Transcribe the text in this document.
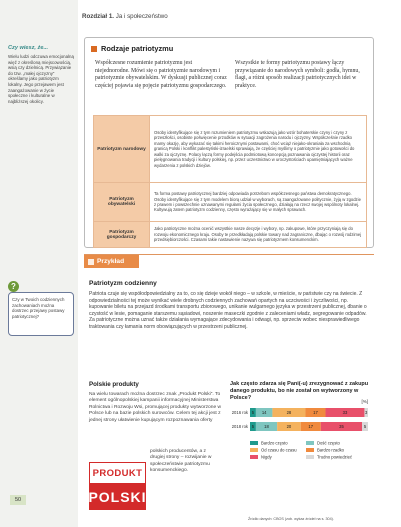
Rozdział 1. Ja i społeczeństwo
Czy wiesz, że...
Wielu ludzi odczuwa emocjonalną więź z określoną miejscowością, wsią czy dzielnicą. Przywiązanie do tzw. „małej ojczyzny” określamy jako patriotyzm lokalny. Jego przejawem jest zaangażowanie w życie społeczne i kulturalne w najbliższej okolicy.
?
Czy w Twoich codziennych zachowaniach można dostrzec przejawy postawy patriotycznej?
50
Rodzaje patriotyzmu
Współczesne rozumienie patriotyzmu jest niejednorodne. Mówi się o patriotyzmie narodowym i patriotyzmie obywatelskim. W dyskusji publicznej coraz częściej pojawia się pojęcie patriotyzmu gospodarczego.
Wszystkie te formy patriotyzmu postawy łączy przywiązanie do narodowych symboli: godła, hymnu, flagi, a różni sposób realizacji patriotycznych idei w praktyce.
Patriotyzm narodowy	Osoby identyfikujące się z tym rozumieniem patriotyzmu wskazują jako wzór bohaterskie czyny i czyny z przeszłości, osobiste poświęcenie przodków w sytuacji zagrożenia narodu i ojczyzny. Współcześnie rzadko mamy okazję, aby wykazać się takimi heroicznymi postawami, choć wciąż niejako-okraniała za wschodnią granicą Polski i konflikt palestyński-izraelski sprawiają, że częściej myślimy o patriotyzmie jako gotowości do walki za ojczyznę. Polacy łączą formy podejścia podmiotową koncepcją poznawania ojczystej historii oraz pielęgnowania tradycji i kultury polskiej, np. przez uczestnictwo w uroczystościach upamiętniających ważne wydarzenia z polskich dziejów.
Patriotyzm obywatelski	Ta forma postawy patriotycznej bardziej odpowiada potrzebom współczesnego państwa demokratycznego. Osoby identyfikujące się z tym modelem biorą udział w wyborach, są zaangażowane politycznie, żyją w zgodzie z prawem i powszechnie uznawanymi regułami życia społecznego, działają na rzecz swojej wspólnoty lokalnej. Kultywują zatem patriotyzm codzienny, często wyrażający się w małych sprawach.
Patriotyzm gospodarczy	Jako patriotyczne można ocenić wszystkie nasze decyzje i wybory, np. zakupowe, które przyczyniają się do rozwoju ekonomicznego kraju. Osoby te przedkładają polskie towary nad zagraniczne, dbając o rozwój rodzimej przedsiębiorczości. Czasami takie nastawienie nazywa się patriotyzmem konsumenckim.
Przykład
Patriotyzm codzienny
Patriota czuje się współodpowiedzialny za to, co się dzieje wokół niego – w szkole, w mieście, w państwie czy na świecie. Z odpowiedzialności tej może wynikać wiele drobnych codziennych zachowań opartych na uczciwości i życzliwości, np. kupowanie biletu na przejazd środkami transportu zbiorowego, unikanie wulgarnego języka w przestrzeni publicznej, dbanie o czystość w lesie, pomaganie starszemu sąsiadowi, noszenie maseczki zgodnie z zaleceniami władz, segregowanie odpadów. Za patriotyczne można uznać także działania wymagające zdecydowania i odwagi, np. sprzeciw wobec niesprawiedliwego traktowania czy łamania norm obowiązujących w przestrzeni publicznej.
Polskie produkty
Na wielu towarach można dostrzec znak „Produkt Polski”. To element ogólnopolskiej kampanii informacyjnej Ministerstwa Rolnictwa i Rozwoju Wsi, promującej produkty wytworzone w Polsce lub na bazie polskich surowców. Celem tej akcji jest z jednej strony ułatwienie kupującym rozpoznawania oferty
polskich producentów, a z drugiej strony – rozwijanie w społeczeństwie patriotyzmu konsumenckiego.
PRODUKT
POLSKI
Jak często zdarza się Pani(-u) zrezygnować z zakupu danego produktu, bo nie został on wytworzony w Polsce?
[%]
2016 rok 5 14	28	17	33	3
2018 rok 5 18	20	17	35	5
Bardzo często	Dość często
Od czasu do czasu	Bardzo rzadko
Nigdy	Trudno powiedzieć
Źródło danych: CBOS (zob. wykaz źródeł na s. 304).
